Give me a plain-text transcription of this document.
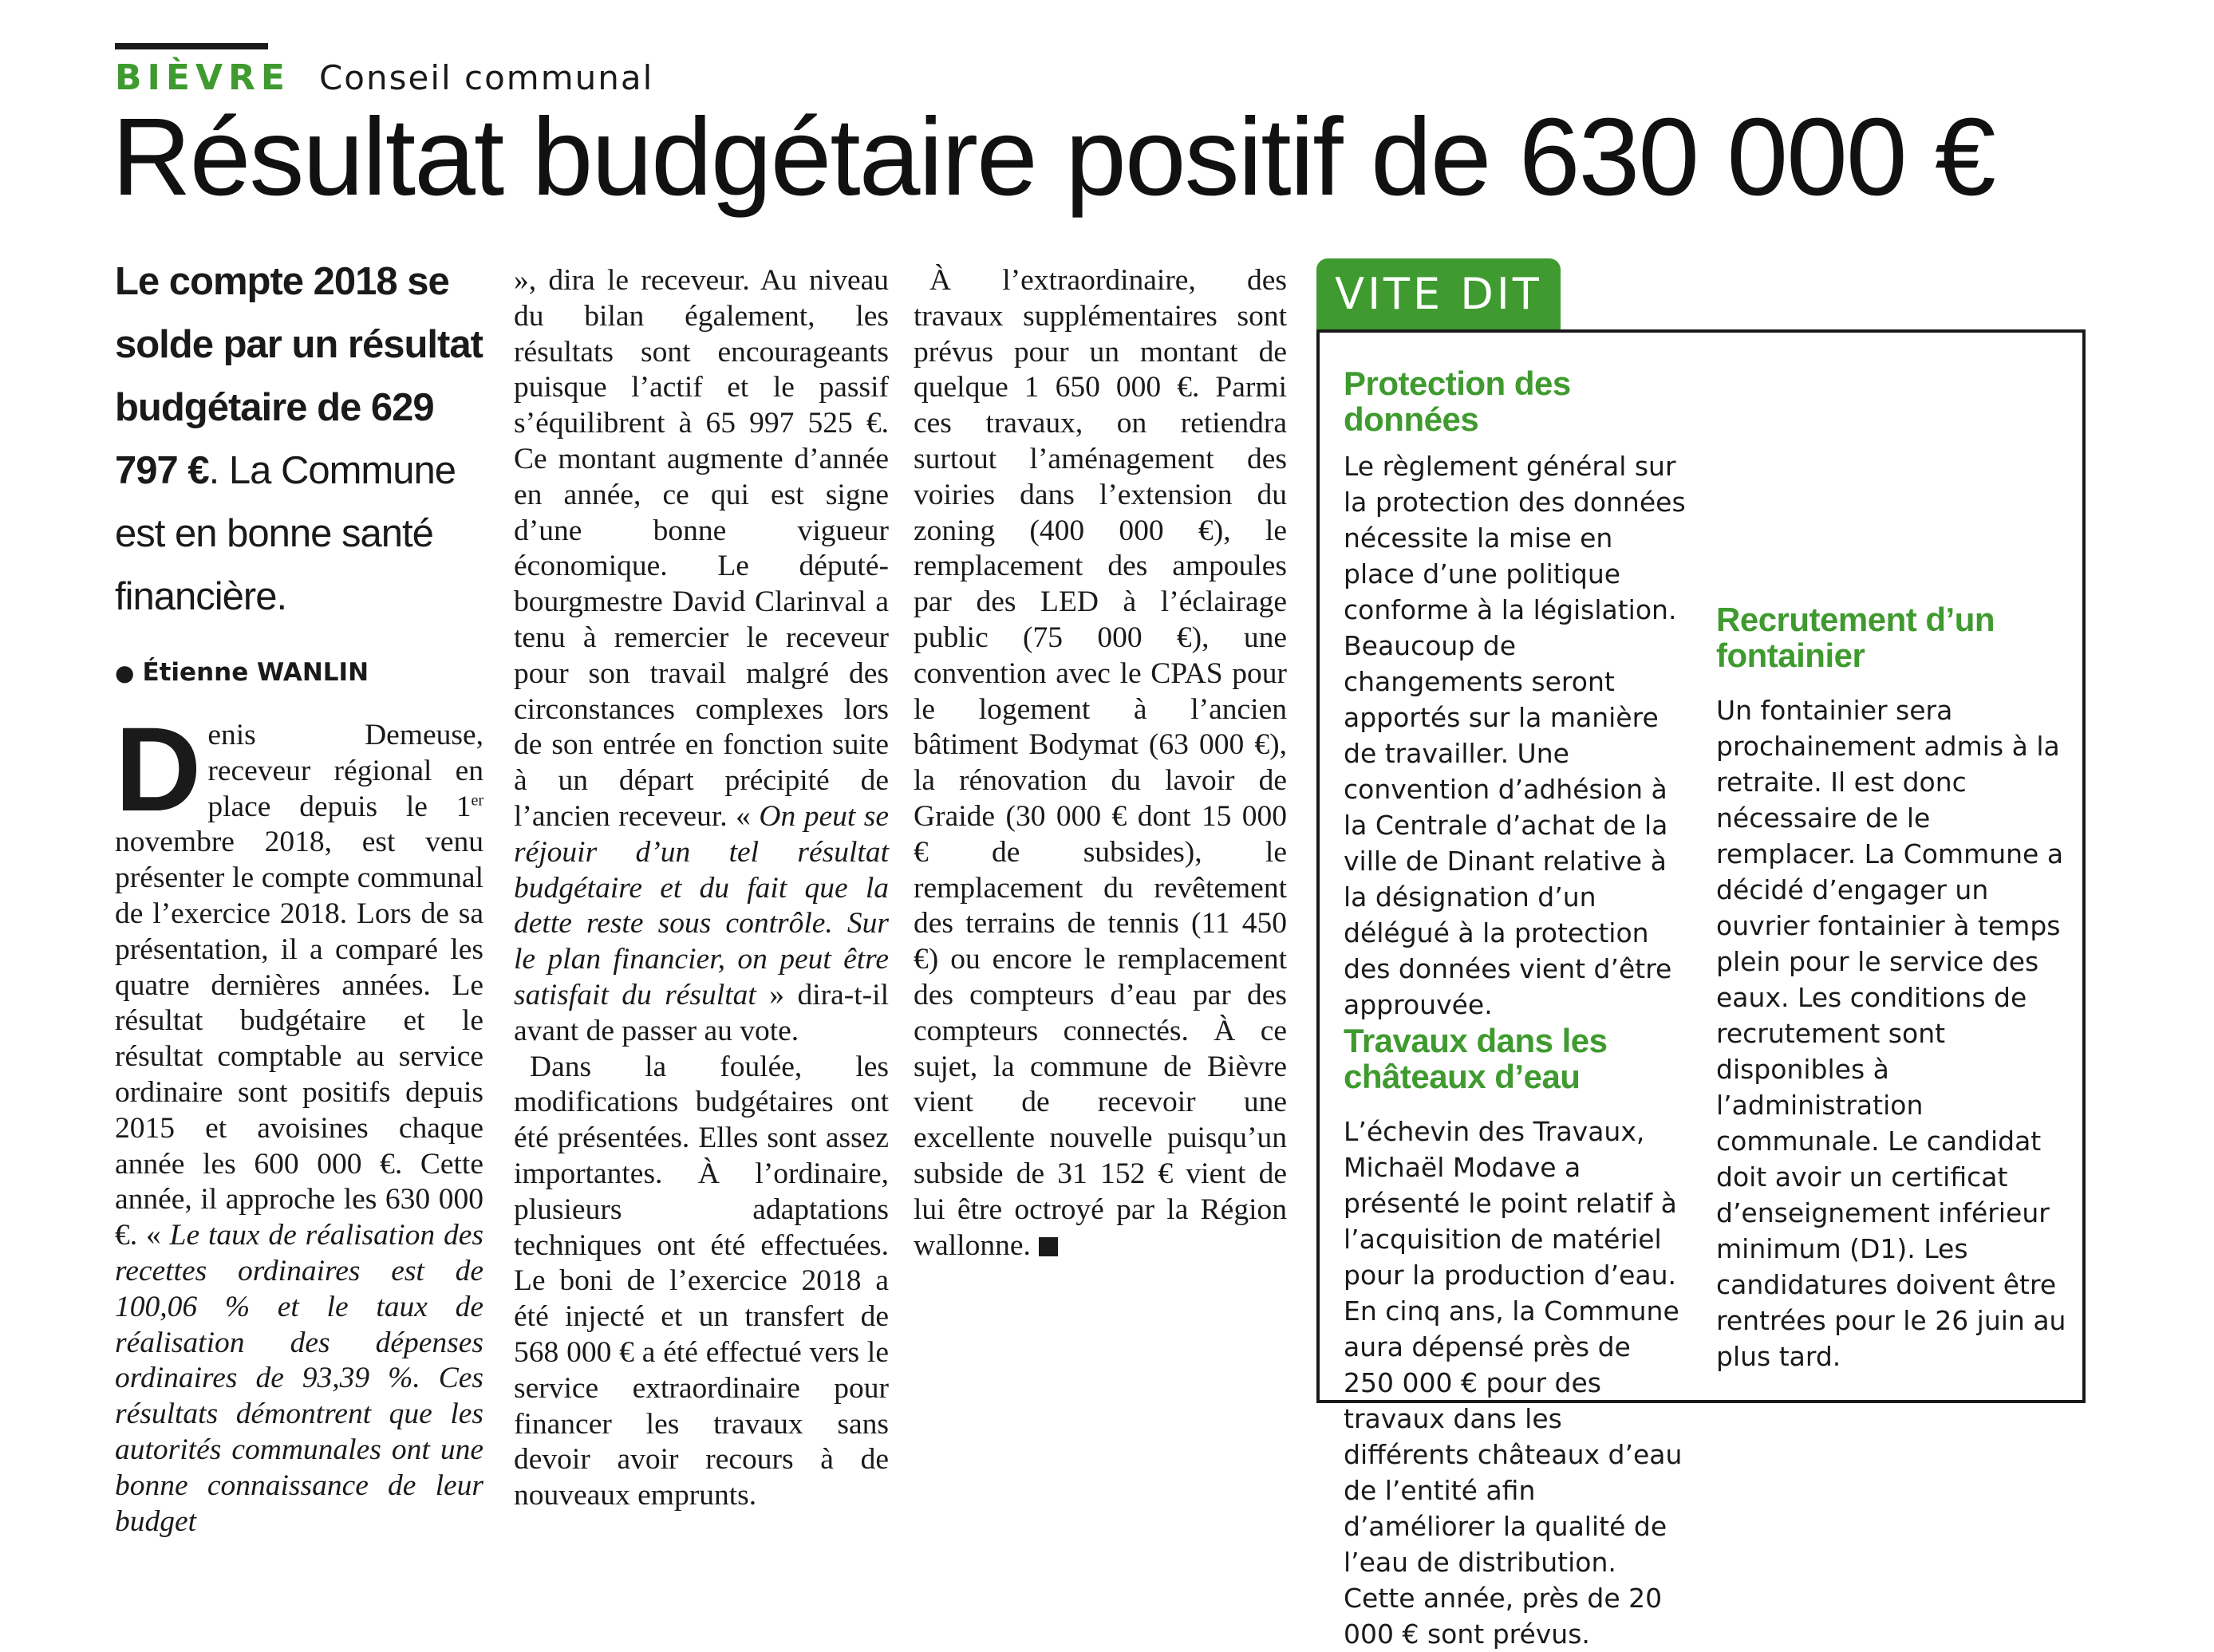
BIÈVRE Conseil communal
Résultat budgétaire positif de 630 000 €
Le compte 2018 se solde par un résultat budgétaire de 629 797 €. La Commune est en bonne santé financière.
● Étienne WANLIN

Denis Demeuse, receveur régional en place depuis le 1er novembre 2018, est venu présenter le compte communal de l’exercice 2018. Lors de sa présentation, il a comparé les quatre dernières années. Le résultat budgétaire et le résultat comptable au service ordinaire sont positifs depuis 2015 et avoisines chaque année les 600 000 €. Cette année, il approche les 630 000 €. « Le taux de réalisation des recettes ordinaires est de 100,06 % et le taux de réalisation des dépenses ordinaires de 93,39 %. Ces résultats démontrent que les autorités communales ont une bonne connaissance de leur budget

», dira le receveur. Au niveau du bilan également, les résultats sont encourageants puisque l’actif et le passif s’équilibrent à 65 997 525 €. Ce montant augmente d’année en année, ce qui est signe d’une bonne vigueur économique. Le député-bourgmestre David Clarinval a tenu à remercier le receveur pour son travail malgré des circonstances complexes lors de son entrée en fonction suite à un départ précipité de l’ancien receveur. « On peut se réjouir d’un tel résultat budgétaire et du fait que la dette reste sous contrôle. Sur le plan financier, on peut être satisfait du résultat » dira-t-il avant de passer au vote.

Dans la foulée, les modifications budgétaires ont été présentées. Elles sont assez importantes. À l’ordinaire, plusieurs adaptations techniques ont été effectuées. Le boni de l’exercice 2018 a été injecté et un transfert de 568 000 € a été effectué vers le service extraordinaire pour financer les travaux sans devoir avoir recours à de nouveaux emprunts.

À l’extraordinaire, des travaux supplémentaires sont prévus pour un montant de quelque 1 650 000 €. Parmi ces travaux, on retiendra surtout l’aménagement des voiries dans l’extension du zoning (400 000 €), le remplacement des ampoules par des LED à l’éclairage public (75 000 €), une convention avec le CPAS pour le logement à l’ancien bâtiment Bodymat (63 000 €), la rénovation du lavoir de Graide (30 000 € dont 15 000 € de subsides), le remplacement du revêtement des terrains de tennis (11 450 €) ou encore le remplacement des compteurs d’eau par des compteurs connectés. À ce sujet, la commune de Bièvre vient de recevoir une excellente nouvelle puisqu’un subside de 31 152 € vient de lui être octroyé par la Région wallonne.

VITE DIT
Protection des données

Le règlement général sur la protection des données nécessite la mise en place d’une politique conforme à la législation. Beaucoup de changements seront apportés sur la manière de travailler. Une convention d’adhésion à la Centrale d’achat de la ville de Dinant relative à la désignation d’un délégué à la protection des données vient d’être approuvée.

Travaux dans les châteaux d’eau

L’échevin des Travaux, Michaël Modave a présenté le point relatif à l’acquisition de matériel pour la production d’eau. En cinq ans, la Commune aura dépensé près de 250 000 € pour des travaux dans les différents châteaux d’eau de l’entité afin d’améliorer la qualité de l’eau de distribution. Cette année, près de 20 000 € sont prévus.

Recrutement d’un fontainier

Un fontainier sera prochainement admis à la retraite. Il est donc nécessaire de le remplacer. La Commune a décidé d’engager un ouvrier fontainier à temps plein pour le service des eaux. Les conditions de recrutement sont disponibles à l’administration communale. Le candidat doit avoir un certificat d’enseignement inférieur minimum (D1). Les candidatures doivent être rentrées pour le 26 juin au plus tard.
